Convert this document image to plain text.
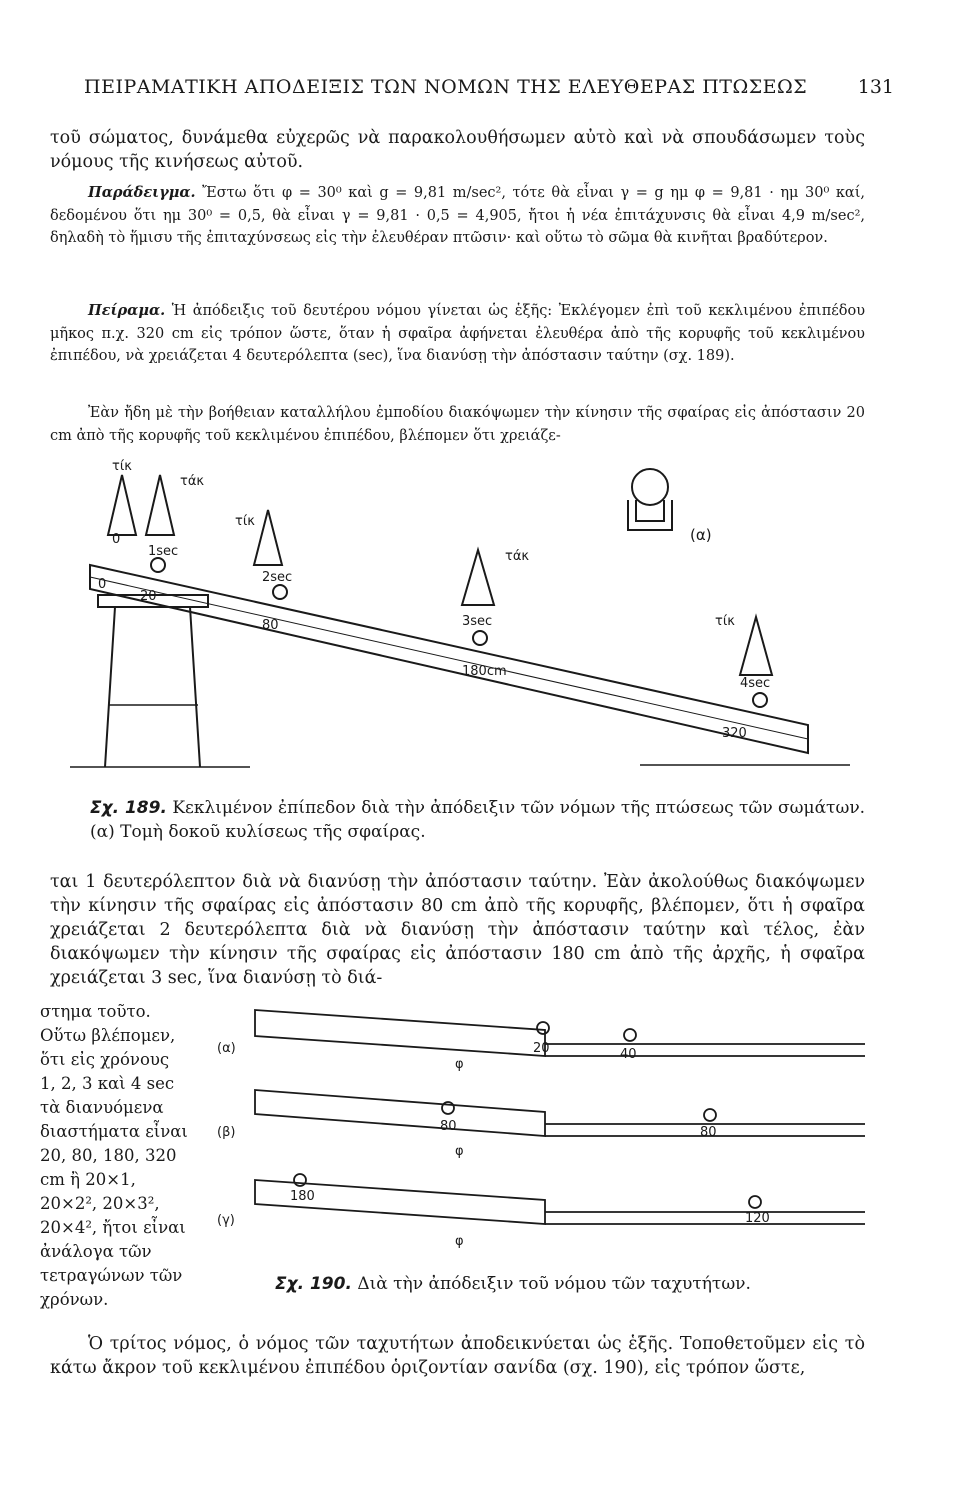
ΠΕΙΡΑΜΑΤΙΚΗ ΑΠΟΔΕΙΞΙΣ ΤΩΝ ΝΟΜΩΝ ΤΗΣ ΕΛΕΥΘΕΡΑΣ ΠΤΩΣΕΩΣ	131
τοῦ σώματος, δυνάμεθα εὐχερῶς νὰ παρακολουθήσωμεν αὐτὸ καὶ νὰ σπουδάσωμεν τοὺς νόμους τῆς κινήσεως αὐτοῦ.
Παράδειγμα. Ἔστω ὅτι φ = 30⁰ καὶ g = 9,81 m/sec², τότε θὰ εἶναι γ = g ημ φ = 9,81 · ημ 30⁰ καί, δεδομένου ὅτι ημ 30⁰ = 0,5, θὰ εἶναι γ = 9,81 · 0,5 = 4,905, ἤτοι ἡ νέα ἐπιτάχυνσις θὰ εἶναι 4,9 m/sec², δηλαδὴ τὸ ἥμισυ τῆς ἐπιταχύνσεως εἰς τὴν ἐλευθέραν πτῶσιν· καὶ οὕτω τὸ σῶμα θὰ κινῆται βραδύτερον.
Πείραμα. Ἡ ἀπόδειξις τοῦ δευτέρου νόμου γίνεται ὡς ἑξῆς: Ἐκλέγομεν ἐπὶ τοῦ κεκλιμένου ἐπιπέδου μῆκος π.χ. 320 cm εἰς τρόπον ὥστε, ὅταν ἡ σφαῖρα ἀφήνεται ἐλευθέρα ἀπὸ τῆς κορυφῆς τοῦ κεκλιμένου ἐπιπέδου, νὰ χρειάζεται 4 δευτερόλεπτα (sec), ἵνα διανύσῃ τὴν ἀπόστασιν ταύτην (σχ. 189).
Ἐὰν ἤδη μὲ τὴν βοήθειαν καταλλήλου ἐμποδίου διακόψωμεν τὴν κίνησιν τῆς σφαίρας εἰς ἀπόστασιν 20 cm ἀπὸ τῆς κορυφῆς τοῦ κεκλιμένου ἐπιπέδου, βλέπομεν ὅτι χρειάζε-
τίκ
τάκ
τίκ
τάκ
τίκ
0
1sec
2sec
3sec
4sec
0
20
80
180cm
320
(α)
Σχ. 189. Κεκλιμένον ἐπίπεδον διὰ τὴν ἀπόδειξιν τῶν νόμων τῆς πτώσεως τῶν σωμάτων. (α) Τομὴ δοκοῦ κυλίσεως τῆς σφαίρας.
ται 1 δευτερόλεπτον διὰ νὰ διανύσῃ τὴν ἀπόστασιν ταύτην. Ἐὰν ἀκολούθως διακόψωμεν τὴν κίνησιν τῆς σφαίρας εἰς ἀπόστασιν 80 cm ἀπὸ τῆς κορυφῆς, βλέπομεν, ὅτι ἡ σφαῖρα χρειάζεται 2 δευτερόλεπτα διὰ νὰ διανύσῃ τὴν ἀπόστασιν ταύτην καὶ τέλος, ἐὰν διακόψωμεν τὴν κίνησιν τῆς σφαίρας εἰς ἀπόστασιν 180 cm ἀπὸ τῆς ἀρχῆς, ἡ σφαῖρα χρειάζεται 3 sec, ἵνα διανύσῃ τὸ διά-
στημα τοῦτο. Οὕτω βλέπομεν, ὅτι εἰς χρόνους 1, 2, 3 καὶ 4 sec τὰ διανυόμενα διαστήματα εἶναι 20, 80, 180, 320 cm ἢ 20×1, 20×2², 20×3², 20×4², ἤτοι εἶναι ἀνάλογα τῶν τετραγώνων τῶν χρόνων.
(α)
(β)
(γ)
φ
φ
φ
20	40
80	80
180
120
Σχ. 190. Διὰ τὴν ἀπόδειξιν τοῦ νόμου τῶν ταχυτήτων.
Ὁ τρίτος νόμος, ὁ νόμος τῶν ταχυτήτων ἀποδεικνύεται ὡς ἑξῆς. Τοποθετοῦμεν εἰς τὸ κάτω ἄκρον τοῦ κεκλιμένου ἐπιπέδου ὁριζοντίαν σανίδα (σχ. 190), εἰς τρόπον ὥστε,
